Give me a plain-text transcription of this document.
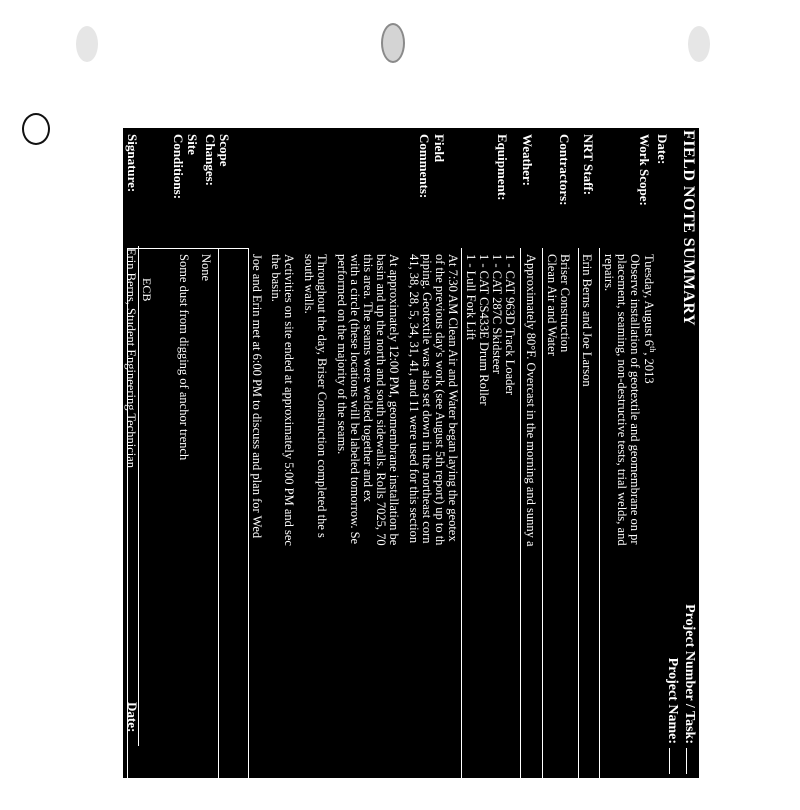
FIELD NOTE SUMMARY
Project Number / Task:
Project Name:
Date:
Tuesday, August 6th, 2013
Work Scope:
Observe installation of geotextile and geomembrane on pr
placement, seaming, non-destructive tests, trial welds, and
repairs.
NRT Staff:
Erin Berns and Joe Larson
Contractors:
Briser Construction
Clean Air and Water
Weather:
Approximately 80°F. Overcast in the morning and sunny a
Equipment:
1 - CAT 963D Track Loader
1 - CAT 287C Skidsteer
1 - CAT CS433E Drum Roller
1 - Lull Fork Lift
Field
Comments:
At 7:30 AM Clean Air and Water began laying the geotex
of the previous day's work (see August 5th report) up to th
piping. Geotextile was also set down in the northeast corn
41, 38, 28, 5, 34, 31, 41, and 11 were used for this section
At approximately 12:00 PM, geomembrane installation be
basin and up the north and south sidewalls. Rolls 7025, 70
this area. The seams were welded together and ex
with a circle (these locations will be labeled tomorrow. Se
performed on the majority of the seams.
Throughout the day, Briser Construction completed the s
south walls.
Activities on site ended at approximately 5:00 PM and sec
the basin.
Joe and Erin met at 6:00 PM to discuss and plan for Wed
Scope
Changes:
None
Site
Conditions:
Some dust from digging of anchor trench
ECB
Signature:
Erin Berns, Student Engineering Technician
Date:
